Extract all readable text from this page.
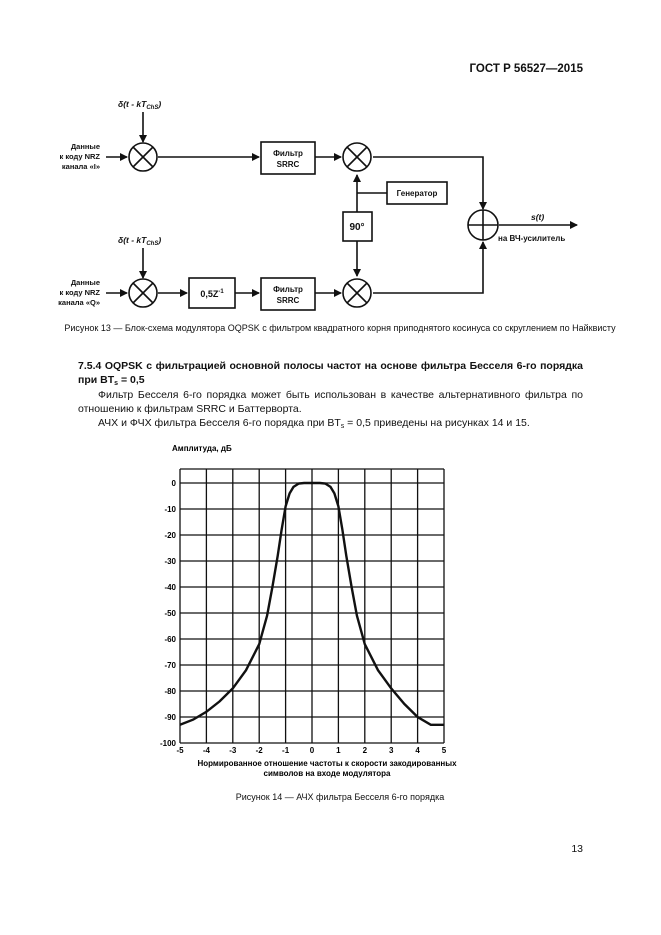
ГОСТ Р 56527—2015
$\delta(t - kT_{ChS})$
$\delta(t - kT_{ChS})$
Данные
к коду NRZ
канала «I»
Данные
к коду NRZ
канала «Q»
Фильтр
SRRC
Фильтр
SRRC
$0,5Z^{-1}$
Генератор
90°
s(t)
на ВЧ-усилитель
Рисунок 13 — Блок-схема модулятора OQPSK с фильтром квадратного корня приподнятого косинуса со скруглением по Найквисту
7.5.4 OQPSK с фильтрацией основной полосы частот на основе фильтра Бесселя 6-го порядка при $BT_s = 0,5$
Фильтр Бесселя 6-го порядка может быть использован в качестве альтернативного фильтра по отношению к фильтрам SRRC и Баттерворта.
АЧХ и ФЧХ фильтра Бесселя 6-го порядка при $BT_s = 0,5$ приведены на рисунках 14 и 15.
Амплитуда, дБ
0
-10
-20
-30
-40
-50
-60
-70
-80
-90
-100
-5 -4 -3 -2 -1	0	1	2	3	4	5
Нормированное отношение частоты к скорости закодированных символов на входе модулятора
Рисунок 14 — АЧХ фильтра Бесселя 6-го порядка
13
